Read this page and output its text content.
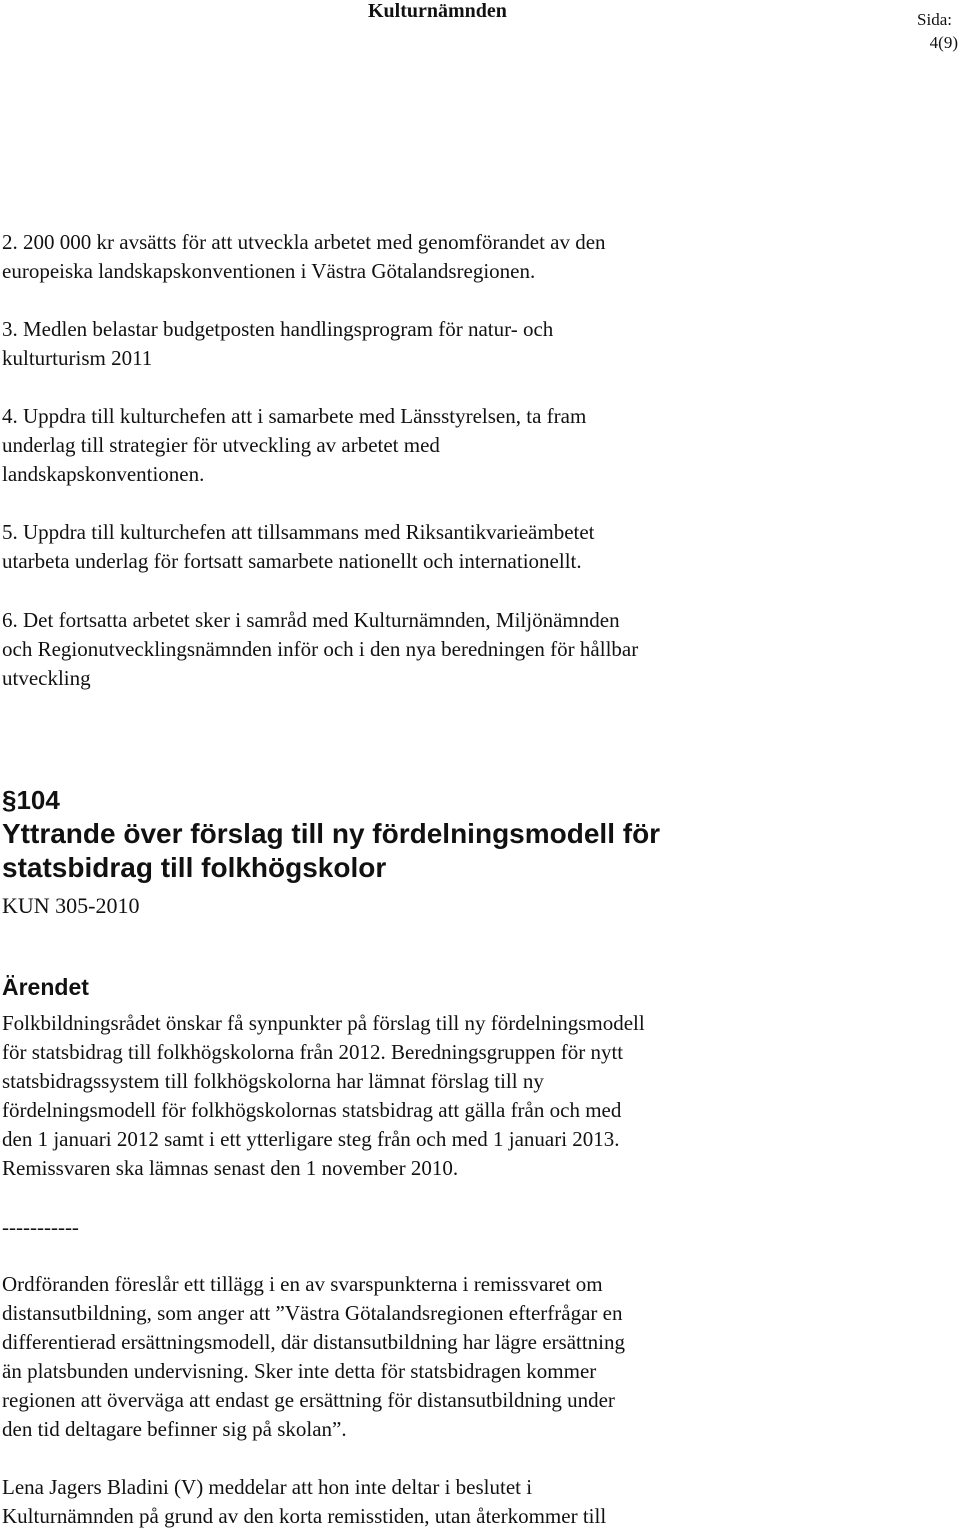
Kulturnämnden	Sida:
4(9)

2. 200 000 kr avsätts för att utveckla arbetet med genomförandet av den
europeiska landskapskonventionen i Västra Götalandsregionen.

3. Medlen belastar budgetposten handlingsprogram för natur- och
kulturturism 2011

4. Uppdra till kulturchefen att i samarbete med Länsstyrelsen, ta fram
underlag till strategier för utveckling av arbetet med
landskapskonventionen.

5. Uppdra till kulturchefen att tillsammans med Riksantikvarieämbetet
utarbeta underlag för fortsatt samarbete nationellt och internationellt.

6. Det fortsatta arbetet sker i samråd med Kulturnämnden, Miljönämnden
och Regionutvecklingsnämnden inför och i den nya beredningen för hållbar
utveckling

§104
Yttrande över förslag till ny fördelningsmodell för
statsbidrag till folkhögskolor
KUN 305-2010
Ärendet

Folkbildningsrådet önskar få synpunkter på förslag till ny fördelningsmodell
för statsbidrag till folkhögskolorna från 2012. Beredningsgruppen för nytt
statsbidragssystem till folkhögskolorna har lämnat förslag till ny
fördelningsmodell för folkhögskolornas statsbidrag att gälla från och med
den 1 januari 2012 samt i ett ytterligare steg från och med 1 januari 2013.
Remissvaren ska lämnas senast den 1 november 2010.

-----------

Ordföranden föreslår ett tillägg i en av svarspunkterna i remissvaret om
distansutbildning, som anger att ”Västra Götalandsregionen efterfrågar en
differentierad ersättningsmodell, där distansutbildning har lägre ersättning
än platsbunden undervisning. Sker inte detta för statsbidragen kommer
regionen att överväga att endast ge ersättning för distansutbildning under
den tid deltagare befinner sig på skolan”.

Lena Jagers Bladini (V) meddelar att hon inte deltar i beslutet i
Kulturnämnden på grund av den korta remisstiden, utan återkommer till
